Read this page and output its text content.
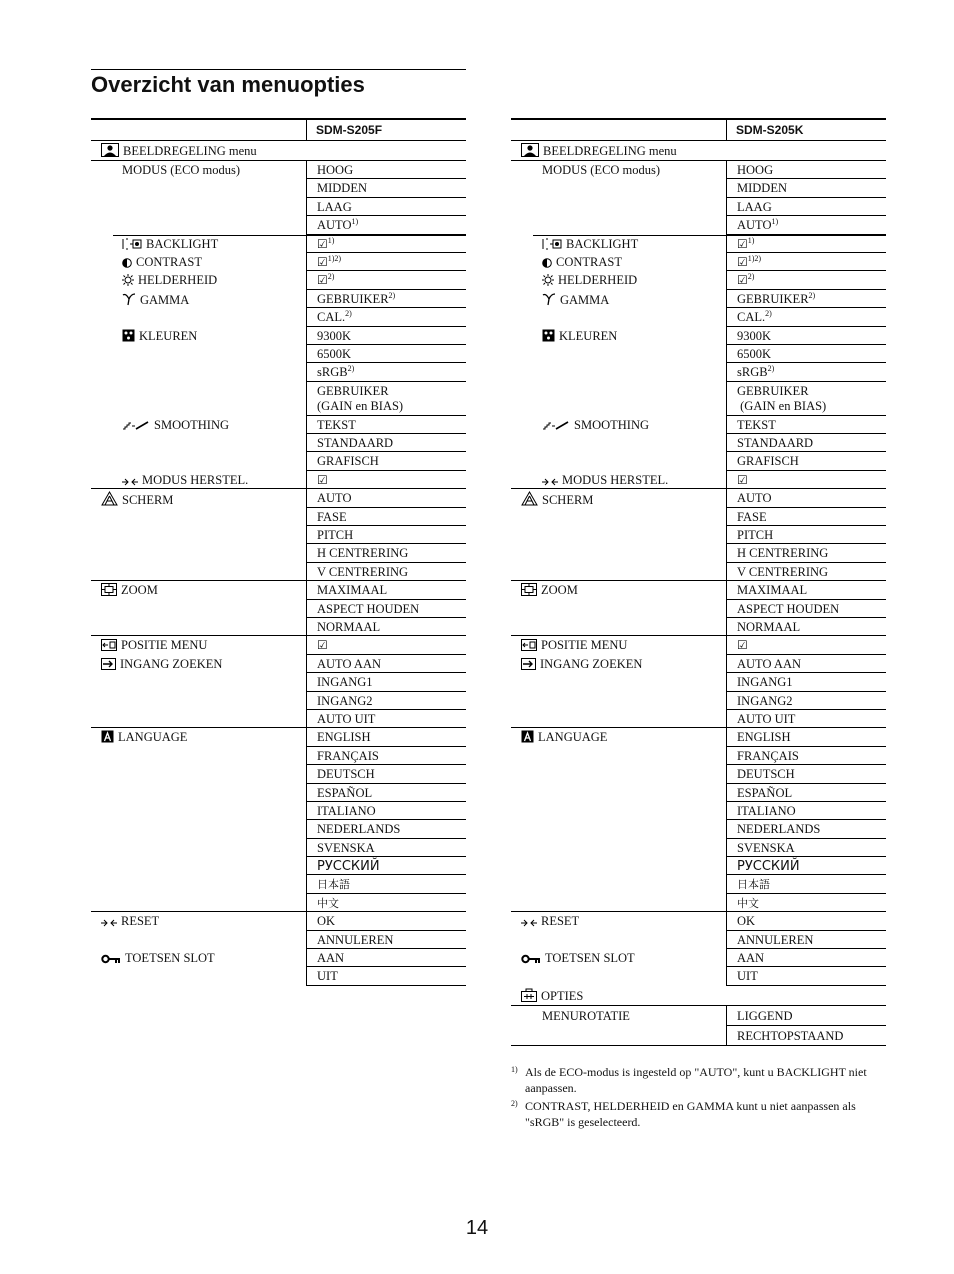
Overzicht van menuopties
SDM-S205F
BEELDREGELING menu
MODUS (ECO modus)	HOOG
MIDDEN
LAAG
AUTO$^{1)}$
BACKLIGHT	☑$^{1)}$
CONTRAST	☑$^{1)2)}$
HELDERHEID	☑$^{2)}$
GAMMA	GEBRUIKER$^{2)}$
CAL.$^{2)}$
KLEUREN	9300K
6500K
sRGB$^{2)}$
GEBRUIKER
(GAIN en BIAS)
SMOOTHING	TEKST
STANDAARD
GRAFISCH
MODUS HERSTEL.	☑
SCHERM	AUTO
FASE
PITCH
H CENTRERING
V CENTRERING
ZOOM	MAXIMAAL
ASPECT HOUDEN
NORMAAL
POSITIE MENU	☑
INGANG ZOEKEN	AUTO AAN
INGANG1
INGANG2
AUTO UIT
LANGUAGE	ENGLISH
FRANÇAIS
DEUTSCH
ESPAÑOL
ITALIANO
NEDERLANDS
SVENSKA
РУССКИЙ
日本語
中文
RESET	OK
ANNULEREN
TOETSEN SLOT	AAN
UIT
SDM-S205K
BEELDREGELING menu
MODUS (ECO modus)	HOOG
MIDDEN
LAAG
AUTO$^{1)}$
BACKLIGHT	☑$^{1)}$
CONTRAST	☑$^{1)2)}$
HELDERHEID	☑$^{2)}$
GAMMA	GEBRUIKER$^{2)}$
CAL.$^{2)}$
KLEUREN	9300K
6500K
sRGB$^{2)}$
GEBRUIKER
(GAIN en BIAS)
SMOOTHING	TEKST
STANDAARD
GRAFISCH
MODUS HERSTEL.	☑
SCHERM	AUTO
FASE
PITCH
H CENTRERING
V CENTRERING
ZOOM	MAXIMAAL
ASPECT HOUDEN
NORMAAL
POSITIE MENU	☑
INGANG ZOEKEN	AUTO AAN
INGANG1
INGANG2
AUTO UIT
LANGUAGE	ENGLISH
FRANÇAIS
DEUTSCH
ESPAÑOL
ITALIANO
NEDERLANDS
SVENSKA
РУССКИЙ
日本語
中文
RESET	OK
ANNULEREN
TOETSEN SLOT	AAN
UIT
OPTIES
MENUROTATIE	LIGGEND
RECHTOPSTAAND
1) Als de ECO-modus is ingesteld op "AUTO", kunt u BACKLIGHT niet aanpassen.
2) CONTRAST, HELDERHEID en GAMMA kunt u niet aanpassen als "sRGB" is geselecteerd.
14
